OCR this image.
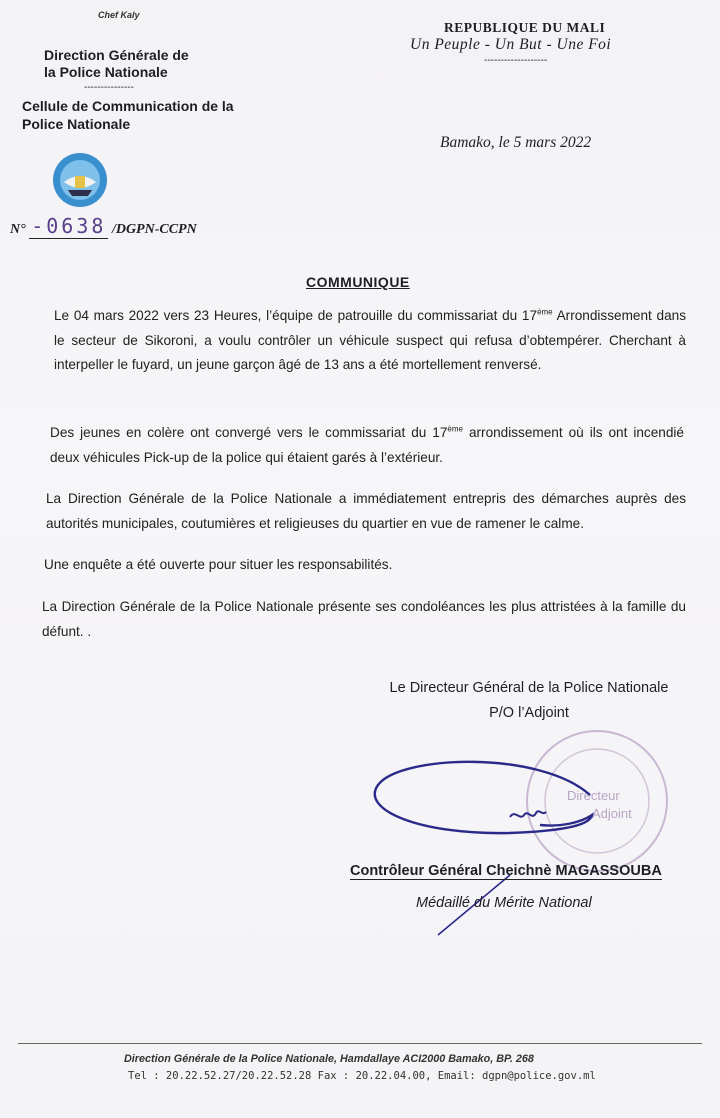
Chef Kaly
Direction Générale de
la Police Nationale
---------------
Cellule de Communication de la
Police Nationale
N° -0638 /DGPN-CCPN
REPUBLIQUE DU MALI
Un Peuple - Un But - Une Foi
-------------------
Bamako, le 5 mars 2022
COMMUNIQUE
Le 04 mars 2022 vers 23 Heures, l’équipe de patrouille du commissariat du 17ème Arrondissement dans le secteur de Sikoroni, a voulu contrôler un véhicule suspect qui refusa d’obtempérer. Cherchant à interpeller le fuyard, un jeune garçon âgé de 13 ans a été mortellement renversé.
Des jeunes en colère ont convergé vers le commissariat du 17ème arrondissement où ils ont incendié deux véhicules Pick-up de la police qui étaient garés à l’extérieur.
La Direction Générale de la Police Nationale a immédiatement entrepris des démarches auprès des autorités municipales, coutumières et religieuses du quartier en vue de ramener le calme.
Une enquête a été ouverte pour situer les responsabilités.
La Direction Générale de la Police Nationale présente ses condoléances les plus attristées à la famille du défunt. .
Le Directeur Général de la Police Nationale
P/O l’Adjoint
Directeur
Adjoint
Contrôleur Général Cheichnè MAGASSOUBA
Médaillé du Mérite National
Direction Générale de la Police Nationale, Hamdallaye ACI2000 Bamako, BP. 268
Tel : 20.22.52.27/20.22.52.28 Fax : 20.22.04.00, Email: dgpn@police.gov.ml
